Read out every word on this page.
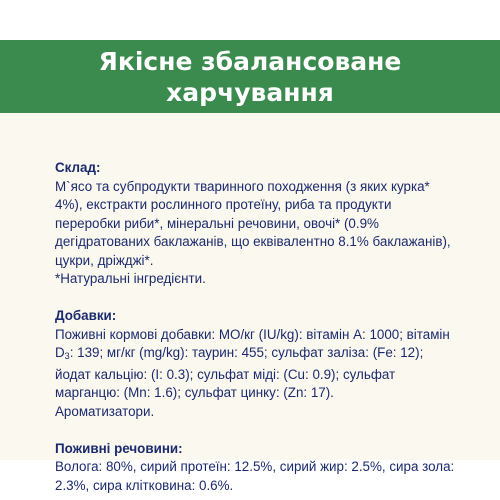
Якісне збалансоване
харчування
Склад:
М`ясо та субпродукти тваринного походження (з яких курка*
4%), екстракти рослинного протеїну, риба та продукти
переробки риби*, мінеральні речовини, овочі* (0.9%
дегідратованих баклажанів, що еквівалентно 8.1% баклажанів),
цукри, дріжджі*.
*Натуральні інгредієнти.
Добавки:
Поживні кормові добавки: МО/кг (IU/kg): вітамін А: 1000; вітамін
$D_3$: 139; мг/кг (mg/kg): таурин: 455; сульфат заліза: (Fe: 12);
йодат кальцію: (I: 0.3); сульфат міді: (Cu: 0.9); сульфат
марганцю: (Mn: 1.6); сульфат цинку: (Zn: 17).
Ароматизатори.
Поживні речовини:
Волога: 80%, сирий протеїн: 12.5%, сирий жир: 2.5%, сира зола:
2.3%, сира клітковина: 0.6%.
